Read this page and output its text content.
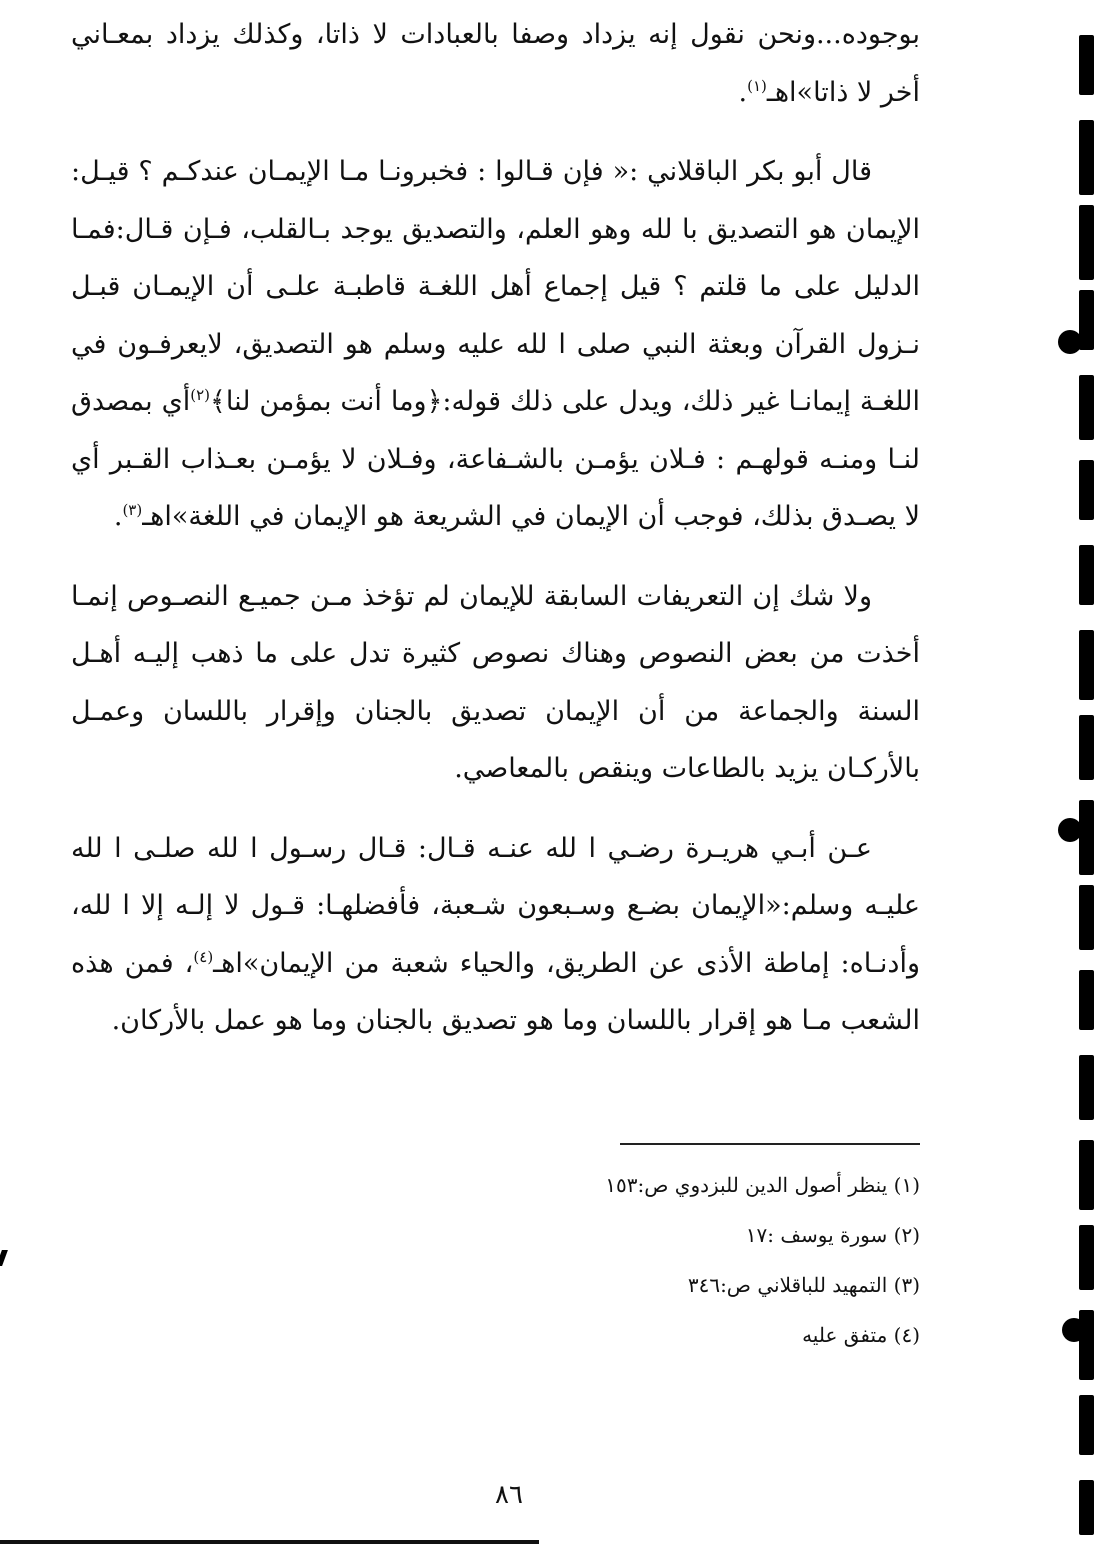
بوجوده...ونحن نقول إنه يزداد وصفا بالعبادات لا ذاتا، وكذلك يزداد بمعـاني أخر لا ذاتا»اهـ$^{(١)}$.

قال أبو بكر الباقلاني :« فإن قـالوا : فخبرونـا مـا الإيمـان عندكـم ؟ قيـل: الإيمان هو التصديق با لله وهو العلم، والتصديق يوجد بـالقلب، فـإن قـال:فمـا الدليل على ما قلتم ؟ قيل إجماع أهل اللغـة قاطبـة علـى أن الإيمـان قبـل نـزول القرآن وبعثة النبي صلى ا لله عليه وسلم هو التصديق، لايعرفـون في اللغـة إيمانـا غير ذلك، ويدل على ذلك قوله:﴿وما أنت بمؤمن لنا﴾$^{(٢)}$أي بمصدق لنـا ومنـه قولهـم : فـلان يؤمـن بالشـفاعة، وفـلان لا يؤمـن بعـذاب القـبر أي لا يصـدق بذلك، فوجب أن الإيمان في الشريعة هو الإيمان في اللغة»اهـ$^{(٣)}$.

ولا شك إن التعريفات السابقة للإيمان لم تؤخذ مـن جميـع النصـوص إنمـا أخذت من بعض النصوص وهناك نصوص كثيرة تدل على ما ذهب إليـه أهـل السنة والجماعة من أن الإيمان تصديق بالجنان وإقرار باللسان وعمـل بالأركـان يزيد بالطاعات وينقص بالمعاصي.

عـن أبـي هريـرة رضـي ا لله عنـه قـال: قـال رسـول ا لله صلـى ا لله عليـه وسلم:«الإيمان بضـع وسـبعون شـعبة، فأفضلهـا: قـول لا إلـه إلا ا لله، وأدنـاه: إماطة الأذى عن الطريق، والحياء شعبة من الإيمان»اهـ$^{(٤)}$، فمن هذه الشعب مـا هو إقرار باللسان وما هو تصديق بالجنان وما هو عمل بالأركان.

(١) ينظر أصول الدين للبزدوي ص:١٥٣

(٢) سورة يوسف :١٧

(٣) التمهيد للباقلاني ص:٣٤٦

(٤) متفق عليه

٨٦
